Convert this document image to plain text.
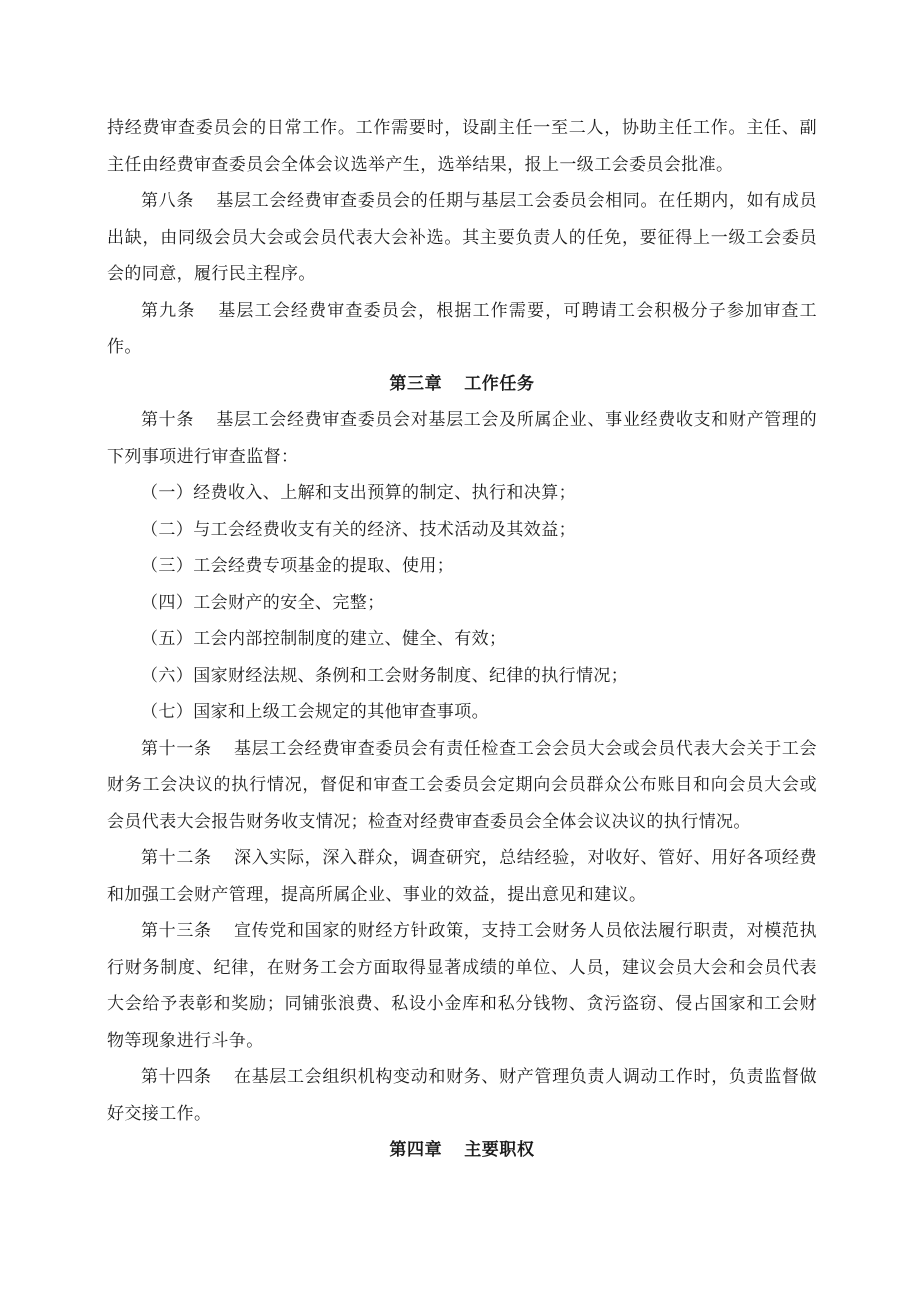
持经费审查委员会的日常工作。工作需要时，设副主任一至二人，协助主任工作。主任、副主任由经费审查委员会全体会议选举产生，选举结果，报上一级工会委员会批准。

第八条 基层工会经费审查委员会的任期与基层工会委员会相同。在任期内，如有成员出缺，由同级会员大会或会员代表大会补选。其主要负责人的任免，要征得上一级工会委员会的同意，履行民主程序。

第九条 基层工会经费审查委员会，根据工作需要，可聘请工会积极分子参加审查工作。

第三章 工作任务

第十条 基层工会经费审查委员会对基层工会及所属企业、事业经费收支和财产管理的下列事项进行审查监督：

（一）经费收入、上解和支出预算的制定、执行和决算；

（二）与工会经费收支有关的经济、技术活动及其效益；

（三）工会经费专项基金的提取、使用；

（四）工会财产的安全、完整；

（五）工会内部控制制度的建立、健全、有效；

（六）国家财经法规、条例和工会财务制度、纪律的执行情况；

（七）国家和上级工会规定的其他审查事项。

第十一条 基层工会经费审查委员会有责任检查工会会员大会或会员代表大会关于工会财务工会决议的执行情况，督促和审查工会委员会定期向会员群众公布账目和向会员大会或会员代表大会报告财务收支情况；检查对经费审查委员会全体会议决议的执行情况。

第十二条 深入实际，深入群众，调查研究，总结经验，对收好、管好、用好各项经费和加强工会财产管理，提高所属企业、事业的效益，提出意见和建议。

第十三条 宣传党和国家的财经方针政策，支持工会财务人员依法履行职责，对模范执行财务制度、纪律，在财务工会方面取得显著成绩的单位、人员，建议会员大会和会员代表大会给予表彰和奖励；同铺张浪费、私设小金库和私分钱物、贪污盗窃、侵占国家和工会财物等现象进行斗争。

第十四条 在基层工会组织机构变动和财务、财产管理负责人调动工作时，负责监督做好交接工作。

第四章 主要职权
